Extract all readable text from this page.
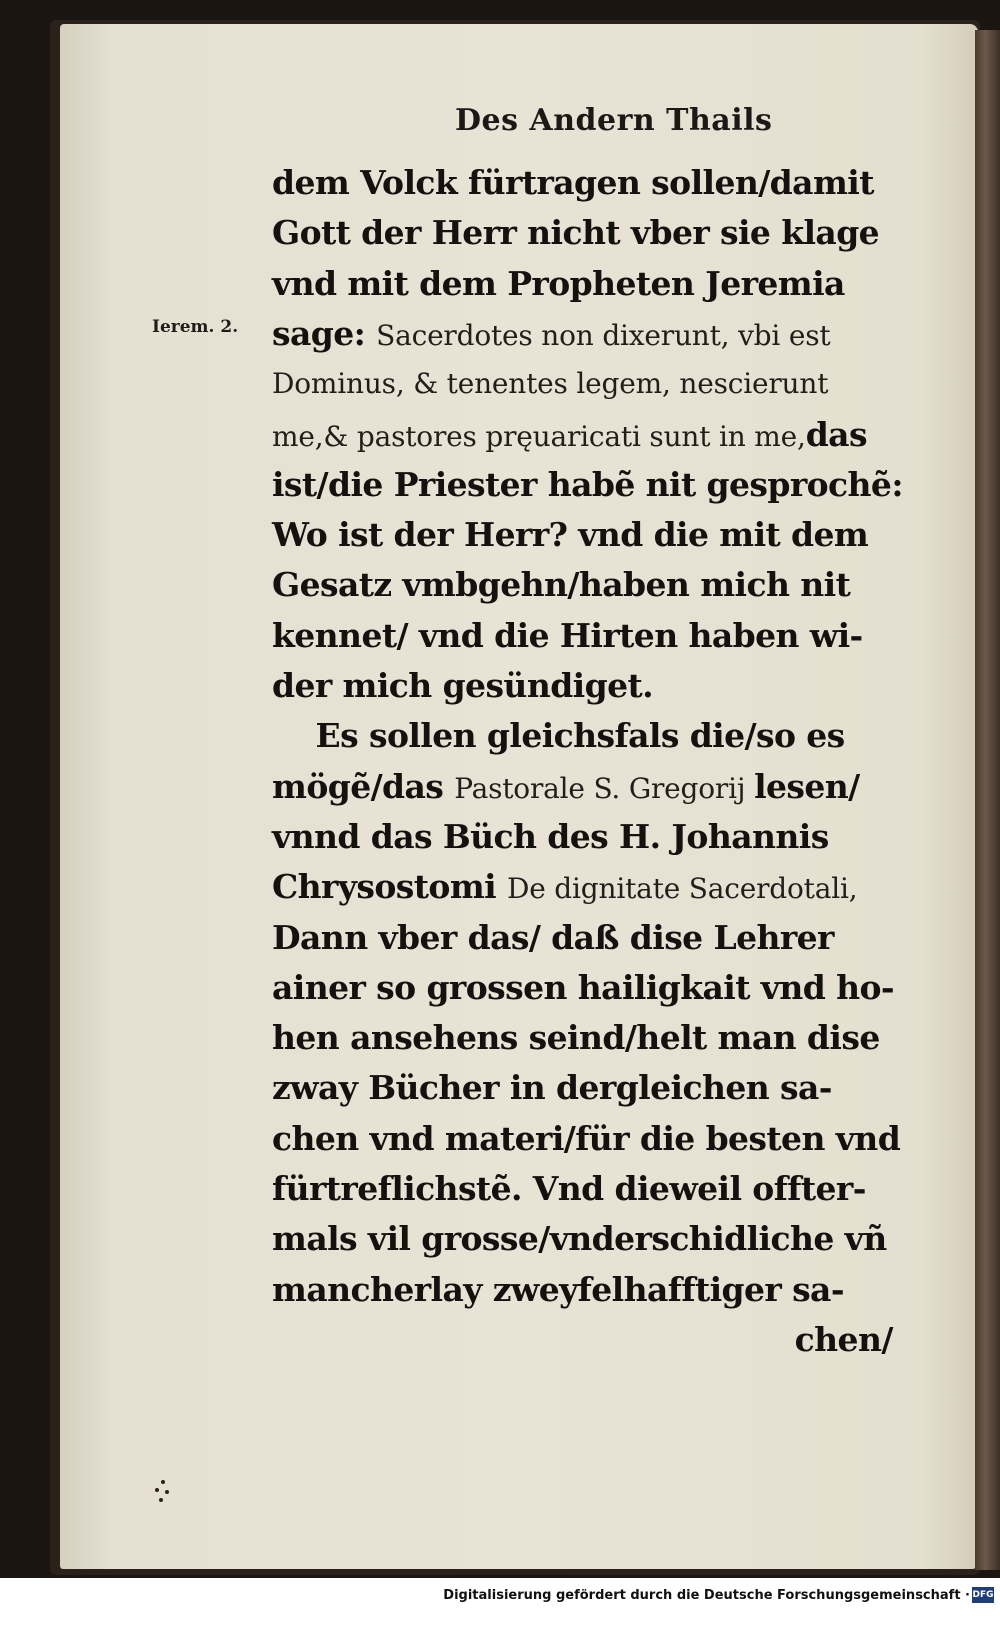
Des Andern Thails
Ierem. 2.
dem Volck fürtragen sollen/damit
Gott der Herr nicht vber sie klage
vnd mit dem Propheten Jeremia
sage: Sacerdotes non dixerunt, vbi est
Dominus, & tenentes legem, nescierunt
me,& pastores pręuaricati sunt in me,das
ist/die Priester habẽ nit gesprochẽ:
Wo ist der Herr? vnd die mit dem
Gesatz vmbgehn/haben mich nit
kennet/ vnd die Hirten haben wi-
der mich gesündiget.
Es sollen gleichsfals die/so es
mögẽ/das Pastorale S. Gregorij lesen/
vnnd das Büch des H. Johannis
Chrysostomi De dignitate Sacerdotali,
Dann vber das/ daß dise Lehrer
ainer so grossen hailigkait vnd ho-
hen ansehens seind/helt man dise
zway Bücher in dergleichen sa-
chen vnd materi/für die besten vnd
fürtreflichstẽ. Vnd dieweil offter-
mals vil grosse/vnderschidliche vñ
mancherlay zweyfelhafftiger sa-
chen/
Digitalisierung gefördert durch die Deutsche Forschungsgemeinschaft · DFG
